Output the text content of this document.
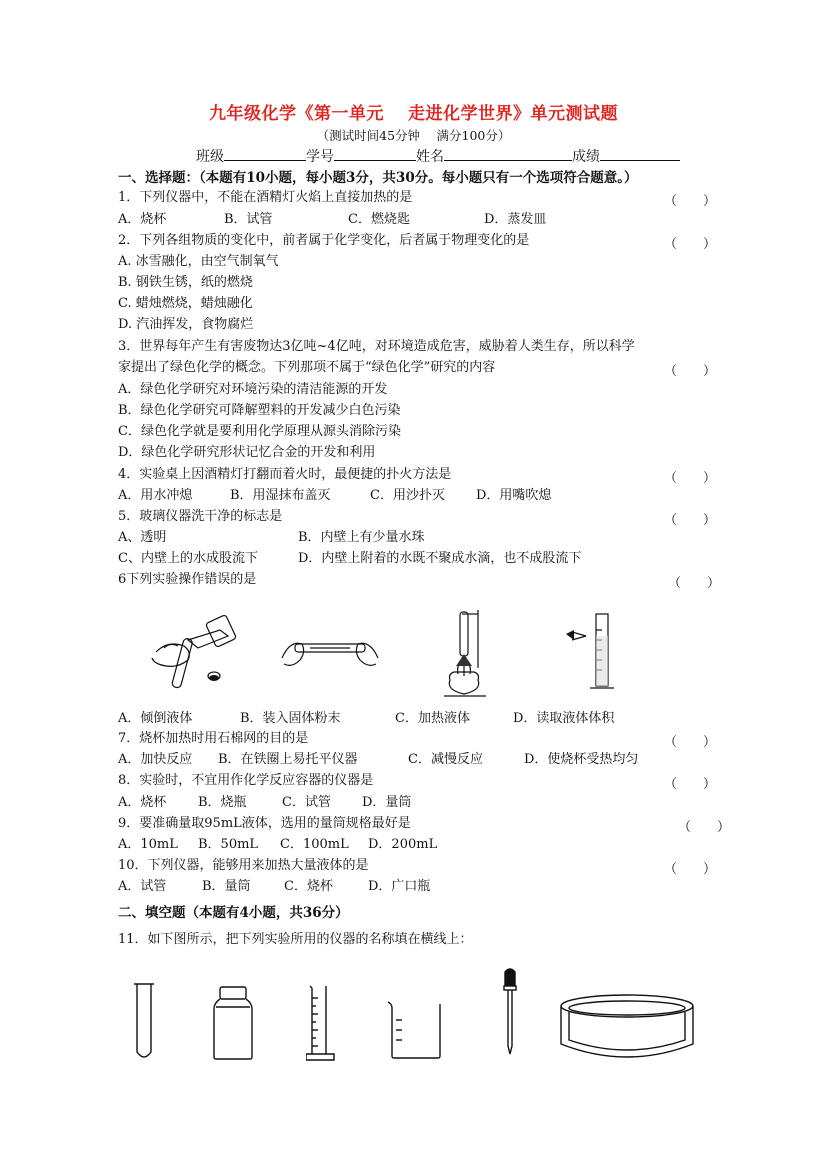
九年级化学《第一单元　 走进化学世界》单元测试题
（测试时间45分钟　 满分100分）
班级	学号	姓名	成绩
一、选择题：（本题有10小题，每小题3分，共30分。每小题只有一个选项符合题意。）
1．下列仪器中，不能在酒精灯火焰上直接加热的是	（　　）
A．烧杯	B．试管	C．燃烧匙	D．蒸发皿
2．下列各组物质的变化中，前者属于化学变化，后者属于物理变化的是	（　　）
A. 冰雪融化，由空气制氧气
B. 钢铁生锈，纸的燃烧
C. 蜡烛燃烧，蜡烛融化
D. 汽油挥发，食物腐烂
3．世界每年产生有害废物达3亿吨~4亿吨，对环境造成危害，威胁着人类生存，所以科学
家提出了绿色化学的概念。下列那项不属于“绿色化学”研究的内容	（　　）
A．绿色化学研究对环境污染的清洁能源的开发
B．绿色化学研究可降解塑料的开发减少白色污染
C．绿色化学就是要利用化学原理从源头消除污染
D．绿色化学研究形状记忆合金的开发和利用
4．实验桌上因酒精灯打翻而着火时，最便捷的扑火方法是	（　　）
A．用水冲熄	B．用湿抹布盖灭	C．用沙扑灭 D．用嘴吹熄
5．玻璃仪器洗干净的标志是	（　　）
A、透明	B．内壁上有少量水珠
C、内壁上的水成股流下	D．内壁上附着的水既不聚成水滴，也不成股流下
6下列实验操作错误的是	（　　）
A．倾倒液体	B．装入固体粉末	C．加热液体	D．读取液体体积
7．烧杯加热时用石棉网的目的是	（　　）
A．加快反应 B．在铁圈上易托平仪器	C．减慢反应	D．使烧杯受热均匀
8．实验时，不宜用作化学反应容器的仪器是	（　　）
A．烧杯 B．烧瓶	C．试管 D．量筒
9．要准确量取95mL液体，选用的量筒规格最好是	（　　）
A．10mL B．50mL C．100mL D．200mL
10．下列仪器，能够用来加热大量液体的是	（　　）
A．试管	B．量筒	C．烧杯	D．广口瓶
二、填空题（本题有4小题，共36分）
11．如下图所示，把下列实验所用的仪器的名称填在横线上：
